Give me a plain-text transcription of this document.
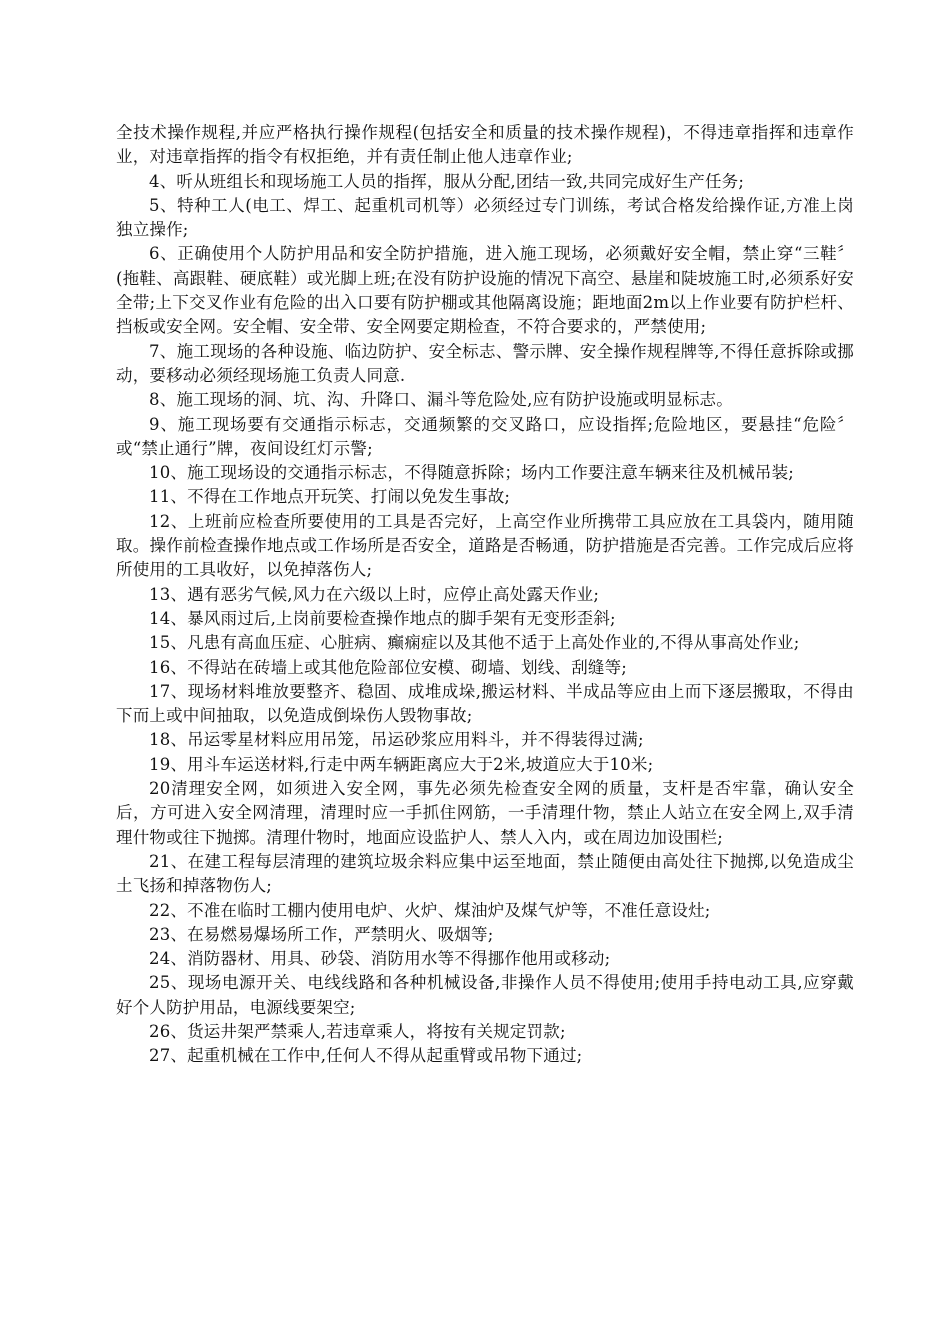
全技术操作规程,并应严格执行操作规程(包括安全和质量的技术操作规程)，不得违章指挥和违章作业，对违章指挥的指令有权拒绝，并有责任制止他人违章作业;

4、听从班组长和现场施工人员的指挥，服从分配,团结一致,共同完成好生产任务;

5、特种工人(电工、焊工、起重机司机等）必须经过专门训练，考试合格发给操作证,方准上岗独立操作;

6、正确使用个人防护用品和安全防护措施，进入施工现场，必须戴好安全帽，禁止穿“三鞋〞(拖鞋、高跟鞋、硬底鞋）或光脚上班;在没有防护设施的情况下高空、悬崖和陡坡施工时,必须系好安全带;上下交叉作业有危险的出入口要有防护棚或其他隔离设施；距地面2m以上作业要有防护栏杆、挡板或安全网。安全帽、安全带、安全网要定期检查，不符合要求的，严禁使用;

7、施工现场的各种设施、临边防护、安全标志、警示牌、安全操作规程牌等,不得任意拆除或挪动，要移动必须经现场施工负责人同意.

8、施工现场的洞、坑、沟、升降口、漏斗等危险处,应有防护设施或明显标志。

9、施工现场要有交通指示标志，交通频繁的交叉路口，应设指挥;危险地区，要悬挂“危险〞或“禁止通行”牌，夜间设红灯示警;

10、施工现场设的交通指示标志，不得随意拆除；场内工作要注意车辆来往及机械吊装;

11、不得在工作地点开玩笑、打闹以免发生事故;

12、上班前应检查所要使用的工具是否完好，上高空作业所携带工具应放在工具袋内，随用随取。操作前检查操作地点或工作场所是否安全，道路是否畅通，防护措施是否完善。工作完成后应将所使用的工具收好，以免掉落伤人;

13、遇有恶劣气候,风力在六级以上时，应停止高处露天作业;

14、暴风雨过后,上岗前要检查操作地点的脚手架有无变形歪斜;

15、凡患有高血压症、心脏病、癫痫症以及其他不适于上高处作业的,不得从事高处作业;

16、不得站在砖墙上或其他危险部位安模、砌墙、划线、刮缝等;

17、现场材料堆放要整齐、稳固、成堆成垛,搬运材料、半成品等应由上而下逐层搬取，不得由下而上或中间抽取，以免造成倒垛伤人毁物事故;

18、吊运零星材料应用吊笼，吊运砂浆应用料斗，并不得装得过满;

19、用斗车运送材料,行走中两车辆距离应大于2米,坡道应大于10米;

20清理安全网，如须进入安全网，事先必须先检查安全网的质量，支杆是否牢靠，确认安全后，方可进入安全网清理，清理时应一手抓住网筋，一手清理什物，禁止人站立在安全网上,双手清理什物或往下抛掷。清理什物时，地面应设监护人、禁人入内，或在周边加设围栏;

21、在建工程每层清理的建筑垃圾余料应集中运至地面，禁止随便由高处往下抛掷,以免造成尘土飞扬和掉落物伤人;

22、不准在临时工棚内使用电炉、火炉、煤油炉及煤气炉等，不准任意设灶;

23、在易燃易爆场所工作，严禁明火、吸烟等;

24、消防器材、用具、砂袋、消防用水等不得挪作他用或移动;

25、现场电源开关、电线线路和各种机械设备,非操作人员不得使用;使用手持电动工具,应穿戴好个人防护用品，电源线要架空;

26、货运井架严禁乘人,若违章乘人，将按有关规定罚款;

27、起重机械在工作中,任何人不得从起重臂或吊物下通过;
